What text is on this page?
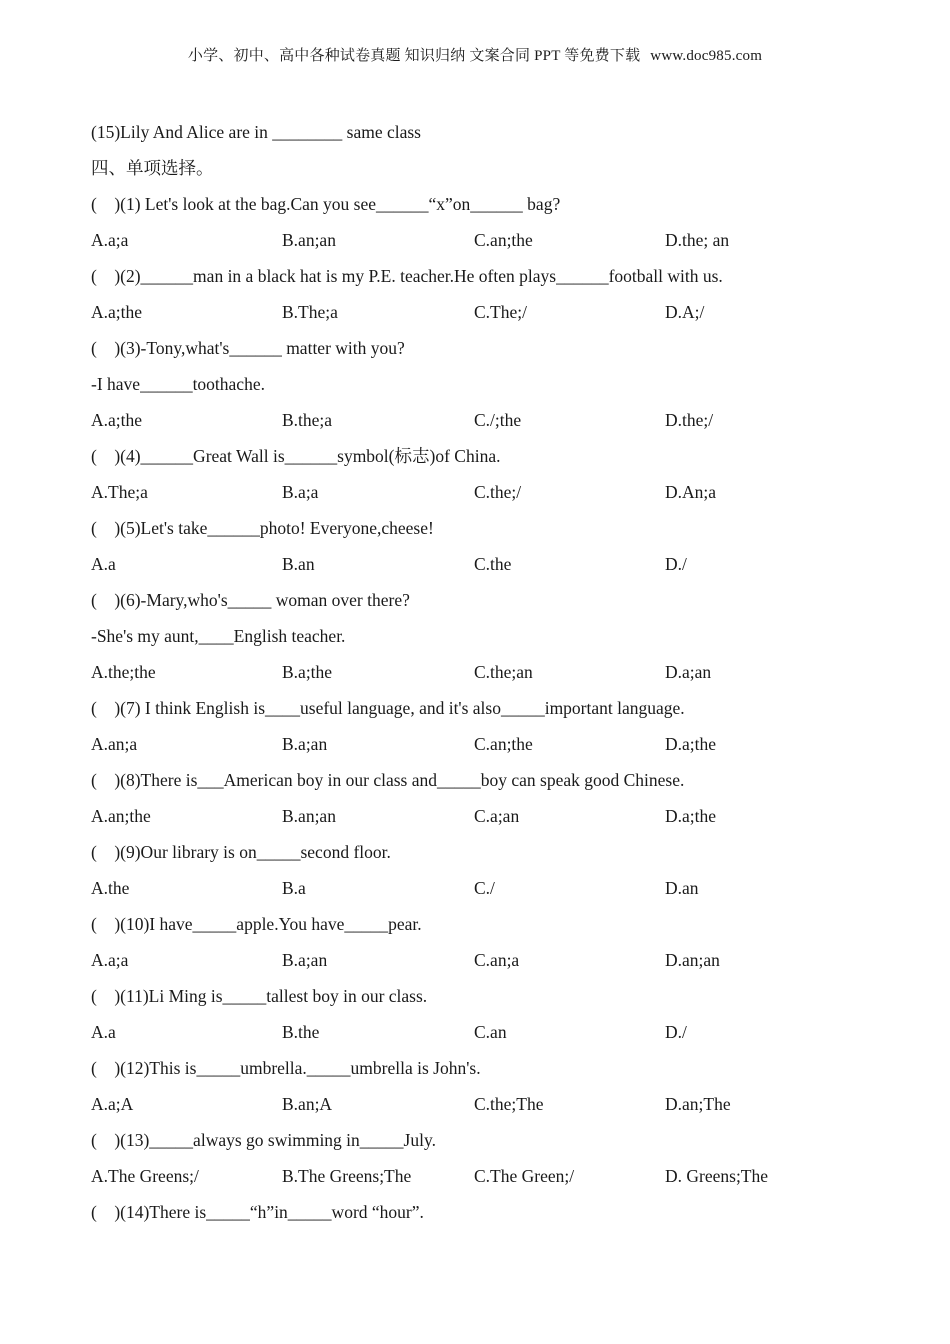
小学、初中、高中各种试卷真题 知识归纳 文案合同 PPT 等免费下载 www.doc985.com
(15)Lily And Alice are in ________ same class
四、单项选择。
(    )(1) Let's look at the bag.Can you see______“x”on______ bag?

A.a;a

	B.an;an

	C.an;the

	D.the; an

(    )(2)______man in a black hat is my P.E. teacher.He often plays______football with us.

A.a;the

	B.The;a

	C.The;/

	D.A;/

(    )(3)-Tony,what's______ matter with you?
-I have______toothache.

A.a;the

	B.the;a

	C./;the

	D.the;/

(    )(4)______Great Wall is______symbol(标志)of China.

A.The;a

	B.a;a

	C.the;/

	D.An;a

(    )(5)Let's take______photo! Everyone,cheese!

A.a

	B.an

	C.the

	D./

(    )(6)-Mary,who's_____ woman over there?
-She's my aunt,____English teacher.

A.the;the

	B.a;the

	C.the;an

	D.a;an

(    )(7) I think English is____useful language, and it's also_____important language.

A.an;a

	B.a;an

	C.an;the

	D.a;the

(    )(8)There is___American boy in our class and_____boy can speak good Chinese.

A.an;the

	B.an;an

	C.a;an

	D.a;the

(    )(9)Our library is on_____second floor.

A.the

	B.a

	C./

	D.an

(    )(10)I have_____apple.You have_____pear.

A.a;a

	B.a;an

	C.an;a

	D.an;an

(    )(11)Li Ming is_____tallest boy in our class.

A.a

	B.the

	C.an

	D./

(    )(12)This is_____umbrella._____umbrella is John's.

A.a;A

	B.an;A

	C.the;The

	D.an;The

(    )(13)_____always go swimming in_____July.

A.The Greens;/

	B.The Greens;The

	C.The Green;/

	D. Greens;The

(    )(14)There is_____“h”in_____word “hour”.
